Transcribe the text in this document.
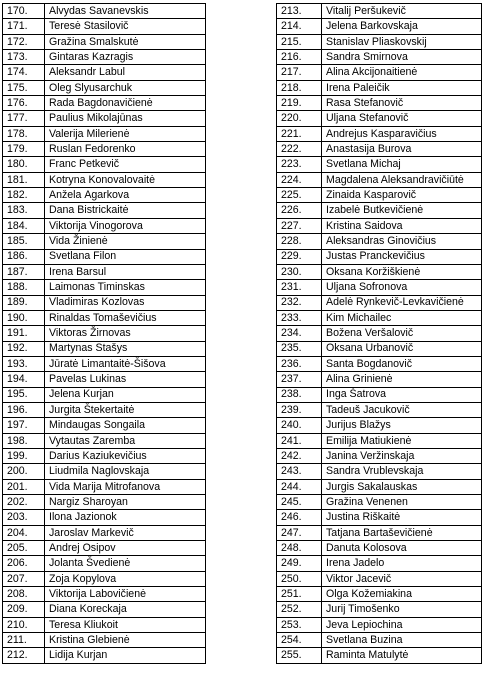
170.	Alvydas Savanevskis
171.	Teresė Stasilovič
172.	Gražina Smalskutė
173.	Gintaras Kazragis
174.	Aleksandr Labul
175.	Oleg Slyusarchuk
176.	Rada Bagdonavičienė
177.	Paulius Mikolajūnas
178.	Valerija Milerienė
179.	Ruslan Fedorenko
180.	Franc Petkevič
181.	Kotryna Konovalovaitė
182.	Anželа Agarkova
183.	Dana Bistrickaitė
184.	Viktorija Vinogorova
185.	Vida Žinienė
186.	Svetlana Filon
187.	Irena Barsul
188.	Laimonas Timinskas
189.	Vladimiras Kozlovas
190.	Rinaldas Tomaševičius
191.	Viktoras Žirnovas
192.	Martynas Stašys
193.	Jūratė Limantaitė-Šišova
194.	Pavelas Lukinas
195.	Jelena Kurjan
196.	Jurgita Štekertaitė
197.	Mindaugas Songaila
198.	Vytautas Zaremba
199.	Darius Kaziukevičius
200.	Liudmila Naglovskaja
201.	Vida Marija Mitrofanova
202.	Nargiz Sharoyan
203.	Ilona Jazionok
204.	Jaroslav Markevič
205.	Andrej Osipov
206.	Jolanta Švedienė
207.	Zoja Kopylova
208.	Viktorija Labovičienė
209.	Diana Koreckaja
210.	Teresa Kliukoit
211.	Kristina Glebienė
212.	Lidija Kurjan
213.	Vitalij Peršukevič
214.	Jelena Barkovskaja
215.	Stanislav Pliaskovskij
216.	Sandra Smirnova
217.	Alina Akcijonaitienė
218.	Irena Paleičik
219.	Rasa Stefanovič
220.	Uljana Stefanovič
221.	Andrejus Kasparavičius
222.	Anastasija Burova
223.	Svetlana Michaj
224.	Magdalena Aleksandravičiūtė
225.	Zinaida Kasparovič
226.	Izabelė Butkevičienė
227.	Kristina Saidova
228.	Aleksandras Ginovičius
229.	Justas Pranckevičius
230.	Oksana Koržiškienė
231.	Uljana Sofronova
232.	Adelė Rynkevič-Levkavičienė
233.	Kim Michailec
234.	Božena Veršalovič
235.	Oksana Urbanovič
236.	Santa Bogdanovič
237.	Alina Grinienė
238.	Inga Šatrova
239.	Tadeuš Jacukovič
240.	Jurijus Blažys
241.	Emilija Matiukienė
242.	Janina Veržinskaja
243.	Sandra Vrublevskaja
244.	Jurgis Sakalauskas
245.	Gražina Venenen
246.	Justina Riškaitė
247.	Tatjana Bartaševičienė
248.	Danuta Kolosova
249.	Irena Jadelo
250.	Viktor Jacevič
251.	Olga Kožemiakina
252.	Jurij Timošenko
253.	Jeva Lepiochina
254.	Svetlana Buzina
255.	Raminta Matulytė
